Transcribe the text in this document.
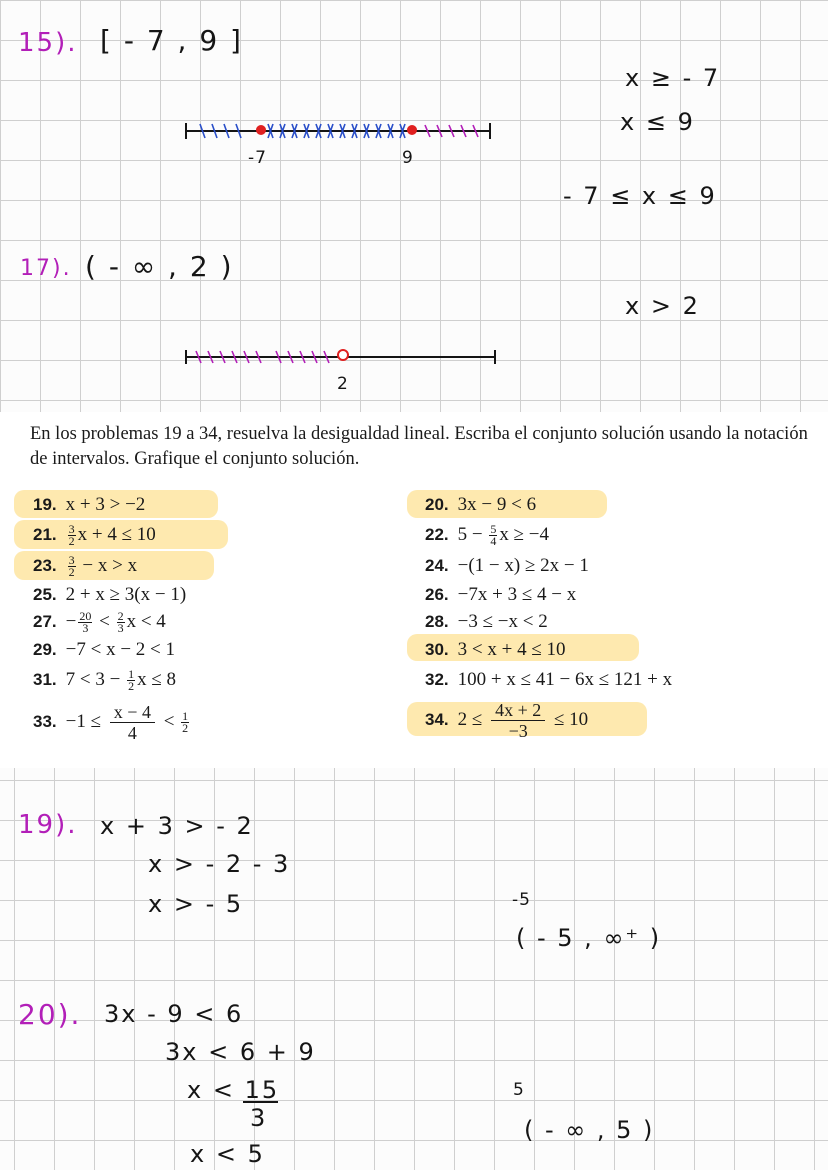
15). [ - 7 , 9 ]
x ≥ - 7
x ≤ 9
- 7 ≤ x ≤ 9
-7	9
17). ( - ∞ , 2 )
x > 2
2

En los problemas 19 a 34, resuelva la desigualdad lineal. Escriba el conjunto solución usando la notación de intervalos. Grafique el conjunto solución.

19. x + 3 > −2
21. $\frac{3}{2}$ x + 4 ≤ 10
23. $\frac{3}{2} - x > x$
25. 2 + x ≥ 3(x − 1)
27. − $\frac{20}{3} < \frac{2}{3}$ x < 4
29. −7 < x − 2 < 1
31. $7 < 3 - \frac{1}{2}$ x ≤ 8
33. $-1 \le \frac{x - 4}{4} < \frac{1}{2}$
20. 3x − 9 < 6
22. $5 - \frac{5}{4}$ x ≥ −4
24. −(1 − x) ≥ 2x − 1
26. −7x + 3 ≤ 4 − x
28. −3 ≤ −x < 2
30. 3 < x + 4 ≤ 10
32. 100 + x ≤ 41 − 6x ≤ 121 + x
34. $2 \le \frac{4x + 2}{-3} \le 10$
19). x + 3 > - 2
x > - 2 - 3
x > - 5	-5
( - 5 , ∞⁺ )
20). 3x - 9 < 6
3x < 6 + 9
x < 15
3
x < 5
5
( - ∞ , 5 )
